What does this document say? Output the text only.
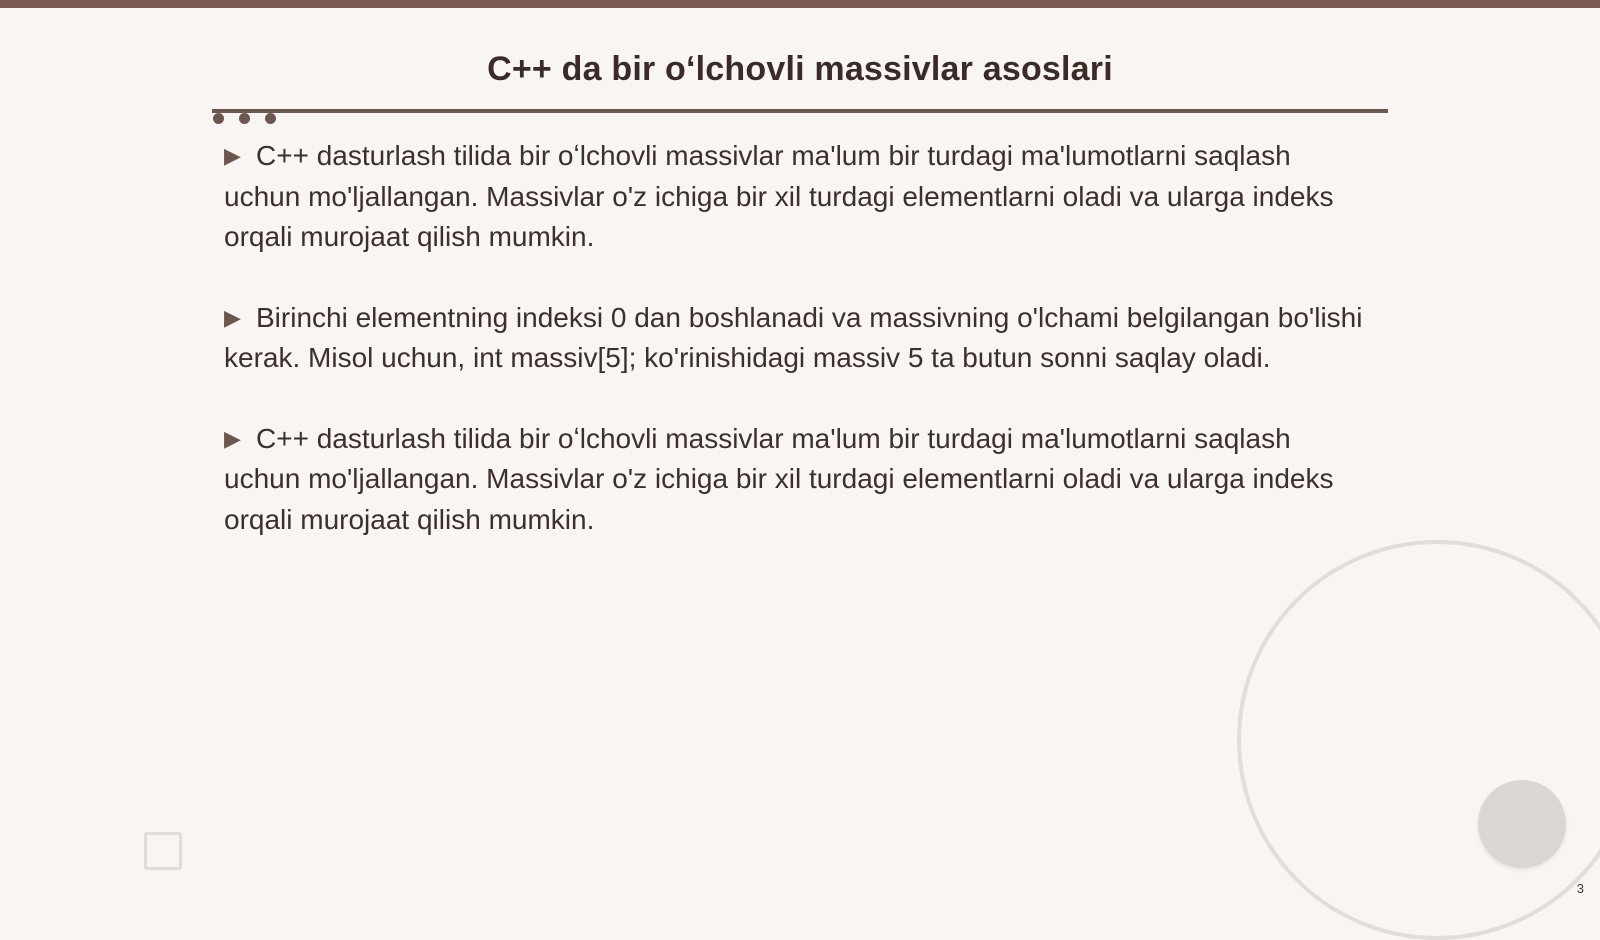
C++ da bir oʻlchovli massivlar asoslari

▶ C++ dasturlash tilida bir oʻlchovli massivlar ma'lum bir turdagi ma'lumotlarni saqlash uchun mo'ljallangan. Massivlar o'z ichiga bir xil turdagi elementlarni oladi va ularga indeks orqali murojaat qilish mumkin.

▶ Birinchi elementning indeksi 0 dan boshlanadi va massivning o'lchami belgilangan bo'lishi kerak. Misol uchun, int massiv[5]; ko'rinishidagi massiv 5 ta butun sonni saqlay oladi.

▶ C++ dasturlash tilida bir oʻlchovli massivlar ma'lum bir turdagi ma'lumotlarni saqlash uchun mo'ljallangan. Massivlar o'z ichiga bir xil turdagi elementlarni oladi va ularga indeks orqali murojaat qilish mumkin.

3
